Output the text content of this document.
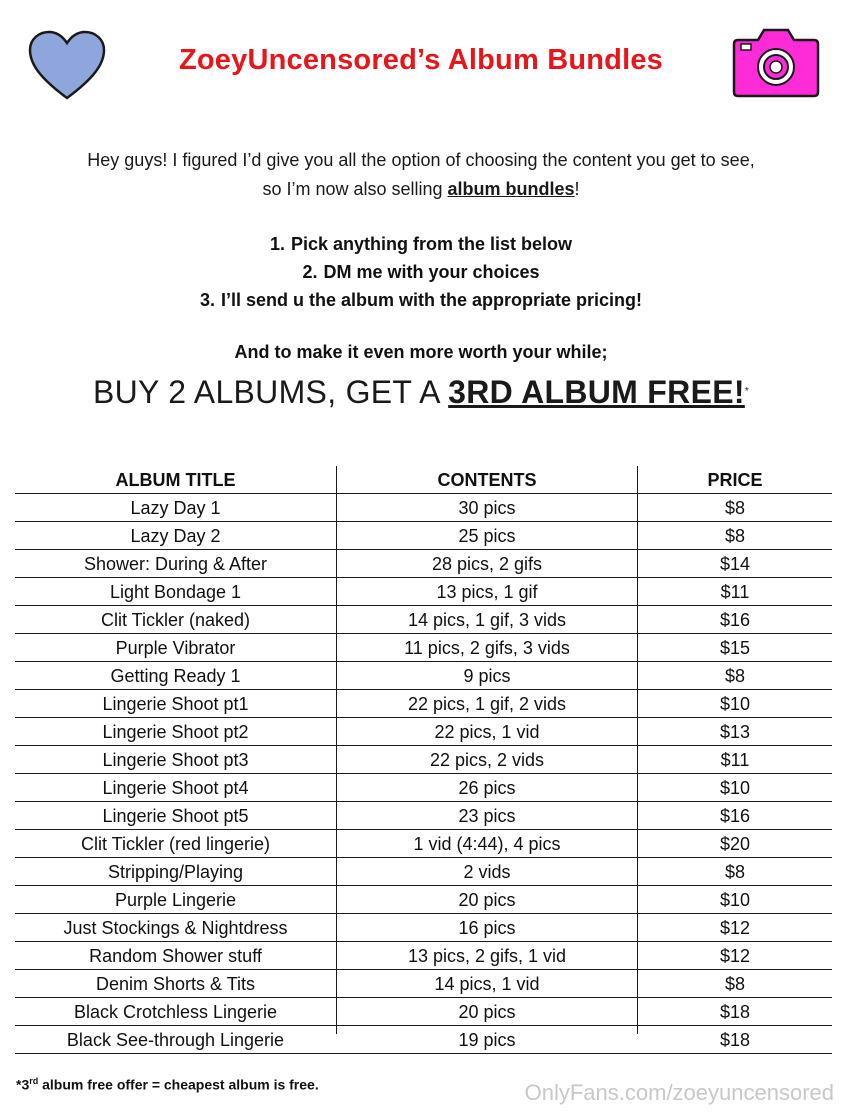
ZoeyUncensored’s Album Bundles
Hey guys! I figured I’d give you all the option of choosing the content you get to see,
so I’m now also selling album bundles!
1. Pick anything from the list below
2. DM me with your choices
3. I’ll send u the album with the appropriate pricing!
And to make it even more worth your while;
BUY 2 ALBUMS, GET A 3RD ALBUM FREE!*
ALBUM TITLE	CONTENTS	PRICE
Lazy Day 1	30 pics	$8
Lazy Day 2	25 pics	$8
Shower: During & After	28 pics, 2 gifs	$14
Light Bondage 1	13 pics, 1 gif	$11
Clit Tickler (naked)	14 pics, 1 gif, 3 vids	$16
Purple Vibrator	11 pics, 2 gifs, 3 vids	$15
Getting Ready 1	9 pics	$8
Lingerie Shoot pt1	22 pics, 1 gif, 2 vids	$10
Lingerie Shoot pt2	22 pics, 1 vid	$13
Lingerie Shoot pt3	22 pics, 2 vids	$11
Lingerie Shoot pt4	26 pics	$10
Lingerie Shoot pt5	23 pics	$16
Clit Tickler (red lingerie)	1 vid (4:44), 4 pics	$20
Stripping/Playing	2 vids	$8
Purple Lingerie	20 pics	$10
Just Stockings & Nightdress	16 pics	$12
Random Shower stuff	13 pics, 2 gifs, 1 vid	$12
Denim Shorts & Tits	14 pics, 1 vid	$8
Black Crotchless Lingerie	20 pics	$18
Black See-through Lingerie	19 pics	$18
*3rd album free offer = cheapest album is free.	OnlyFans.com/zoeyuncensored
